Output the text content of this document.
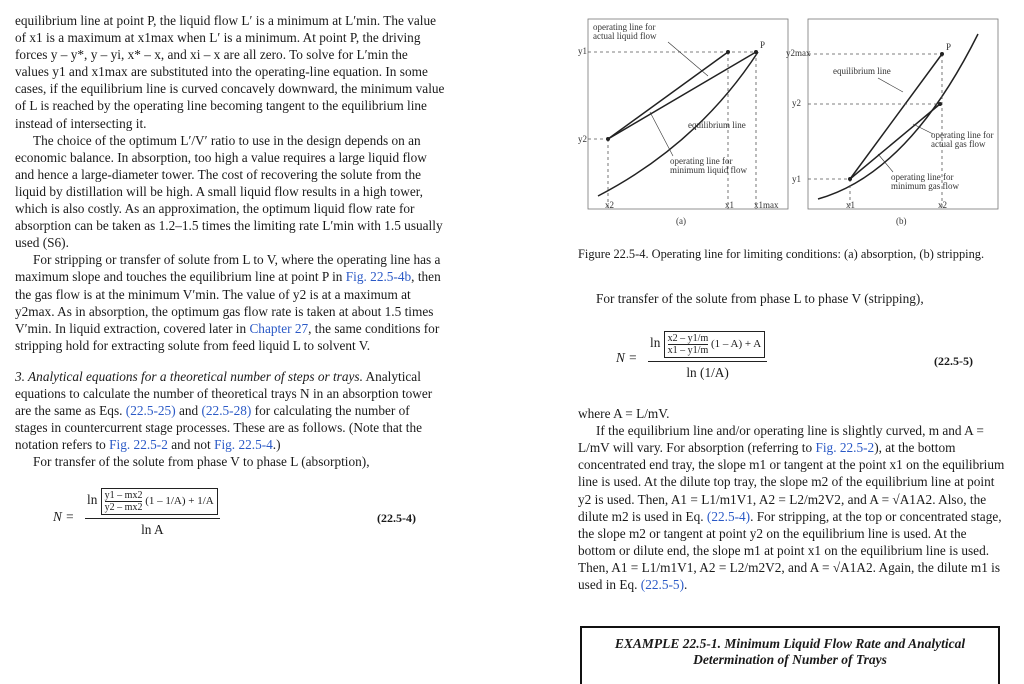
equilibrium line at point P, the liquid flow L′ is a minimum at L′min. The value of x1 is a maximum at x1max when L′ is a minimum. At point P, the driving forces y – y*, y – yi, x* – x, and xi – x are all zero. To solve for L′min the values y1 and x1max are substituted into the operating-line equation. In some cases, if the equilibrium line is curved concavely downward, the minimum value of L is reached by the operating line becoming tangent to the equilibrium line instead of intersecting it.

The choice of the optimum L′/V′ ratio to use in the design depends on an economic balance. In absorption, too high a value requires a large liquid flow and hence a large-diameter tower. The cost of recovering the solute from the liquid by distillation will be high. A small liquid flow results in a high tower, which is also costly. As an approximation, the optimum liquid flow rate for absorption can be taken as 1.2–1.5 times the limiting rate L′min with 1.5 usually used (S6).

For stripping or transfer of solute from L to V, where the operating line has a maximum slope and touches the equilibrium line at point P in Fig. 22.5-4b, then the gas flow is at the minimum V′min. The value of y2 is at a maximum at y2max. As in absorption, the optimum gas flow rate is taken at about 1.5 times V′min. In liquid extraction, covered later in Chapter 27, the same conditions for stripping hold for extracting solute from feed liquid L to solvent V.

3. Analytical equations for a theoretical number of steps or trays. Analytical equations to calculate the number of theoretical trays N in an absorption tower are the same as Eqs. (22.5-25) and (22.5-28) for calculating the number of stages in countercurrent stage processes. These are as follows. (Note that the notation refers to Fig. 22.5-2 and not Fig. 22.5-4.)

For transfer of the solute from phase V to phase L (absorption),

N =
$\ln \frac{y1 - mx2}{y2 - mx2} (1 - 1/A) + 1/A$
ln A
(22.5-4)
operating line for
actual liquid flow
P
equilibrium line
operating line for
minimum liquid flow
y1
y2
x2	x1 x1max
(a)
P
equilibrium line
operating line for
actual gas flow
operating line for
minimum gas flow
y2max
y2
y1
x1	x2
(b)
Figure 22.5-4. Operating line for limiting conditions: (a) absorption, (b) stripping.

For transfer of the solute from phase L to phase V (stripping),

N =
$\ln \frac{x2 - y1/m}{x1 - y1/m} (1 - A) + A$
ln (1/A)
(22.5-5)

where A = L/mV.

If the equilibrium line and/or operating line is slightly curved, m and A = L/mV will vary. For absorption (referring to Fig. 22.5-2), at the bottom concentrated end tray, the slope m1 or tangent at the point x1 on the equilibrium line is used. At the dilute top tray, the slope m2 of the equilibrium line at point y2 is used. Then, A1 = L1/m1V1, A2 = L2/m2V2, and A = √A1A2. Also, the dilute m2 is used in Eq. (22.5-4). For stripping, at the top or concentrated stage, the slope m2 or tangent at point y2 on the equilibrium line is used. At the bottom or dilute end, the slope m1 at point x1 on the equilibrium line is used. Then, A1 = L1/m1V1, A2 = L2/m2V2, and A = √A1A2. Again, the dilute m1 is used in Eq. (22.5-5).

EXAMPLE 22.5-1. Minimum Liquid Flow Rate and Analytical
Determination of Number of Trays
